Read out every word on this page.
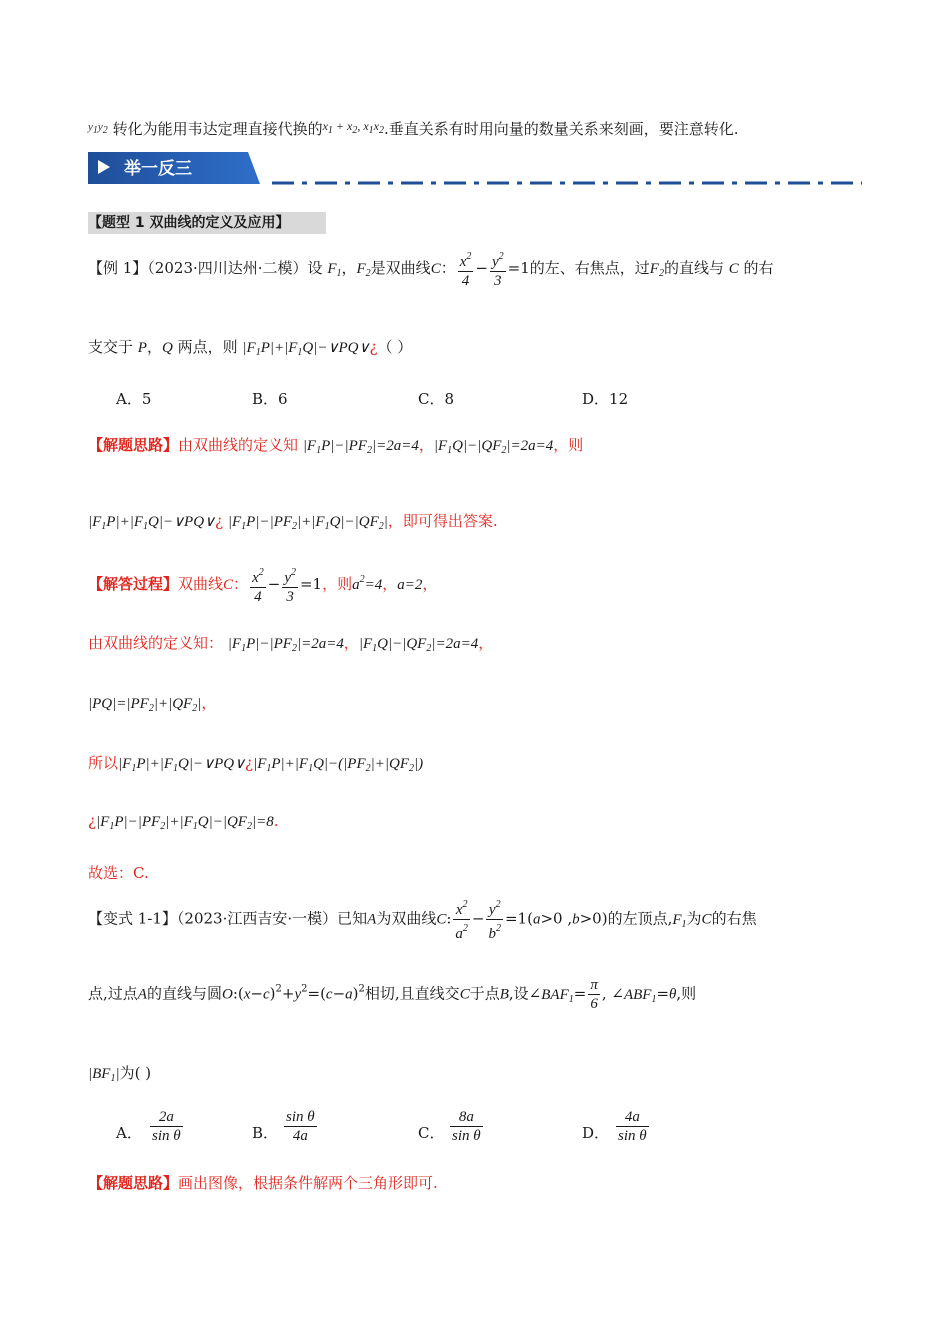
$^{y1y2}$ 转化为能用韦达定理直接代换的$^{x_1 + x_2, x_1x_2}$.垂直关系有时用向量的数量关系来刻画，要注意转化.
举一反三
【题型 1 双曲线的定义及应用】
【例 1】（2023·四川达州·二模）设 $F_1$，$F_2$是双曲线C： $\frac{x^2}{4} - \frac{y^2}{3} =1$的左、右焦点，过$F_2$的直线与 C 的右
支交于 P，Q 两点，则 $|F_1P|+|F_1Q|-\vee PQ\vee¿$（ ）
A．5	B．6	C．8	D．12
【解题思路】由双曲线的定义知 $|F_1P|-|PF_2|=2a=4$，$|F_1Q|-|QF_2|=2a=4$，则
$|F_1P|+|F_1Q|-\vee PQ\vee¿$ $|F_1P|-|PF_2|+|F_1Q|-|QF_2|$，即可得出答案.
【解答过程】双曲线C： $\frac{x^2}{4} - \frac{y^2}{3} =1$，则$a^2=4$，a=2，
由双曲线的定义知： $|F_1P|-|PF_2|=2a=4$，$|F_1Q|-|QF_2|=2a=4$，
$|PQ|=|PF_2|+|QF_2|$，
所以$|F_1P|+|F_1Q|-\vee PQ\vee¿|F_1P|+|F_1Q|-(|PF_2|+|QF_2|)$
¿$|F_1P|-|PF_2|+|F_1Q|-|QF_2|=8$.
故选：C.
【变式 1-1】（2023·江西吉安·一模）已知A为双曲线C: $\frac{x^2}{a^2} - \frac{y^2}{b^2} =1(a>0$ ,b>0)的左顶点$,F_1$为C的右焦
点,过点A的直线与圆$O:(x-c)^2+y^2=(c-a)^2$相切,且直线交C于点B,设$\angle BAF_1= \frac{\pi}{6}$ , $\angle ABF_1=\theta$,则
$|BF_1|$为( )
A． $\frac{2a}{\text{sin θ}}$	B． $\frac{\text{sin θ}}{4a}$	C． $\frac{8a}{\text{sin θ}}$	D． $\frac{4a}{\text{sin θ}}$
【解题思路】画出图像，根据条件解两个三角形即可.
